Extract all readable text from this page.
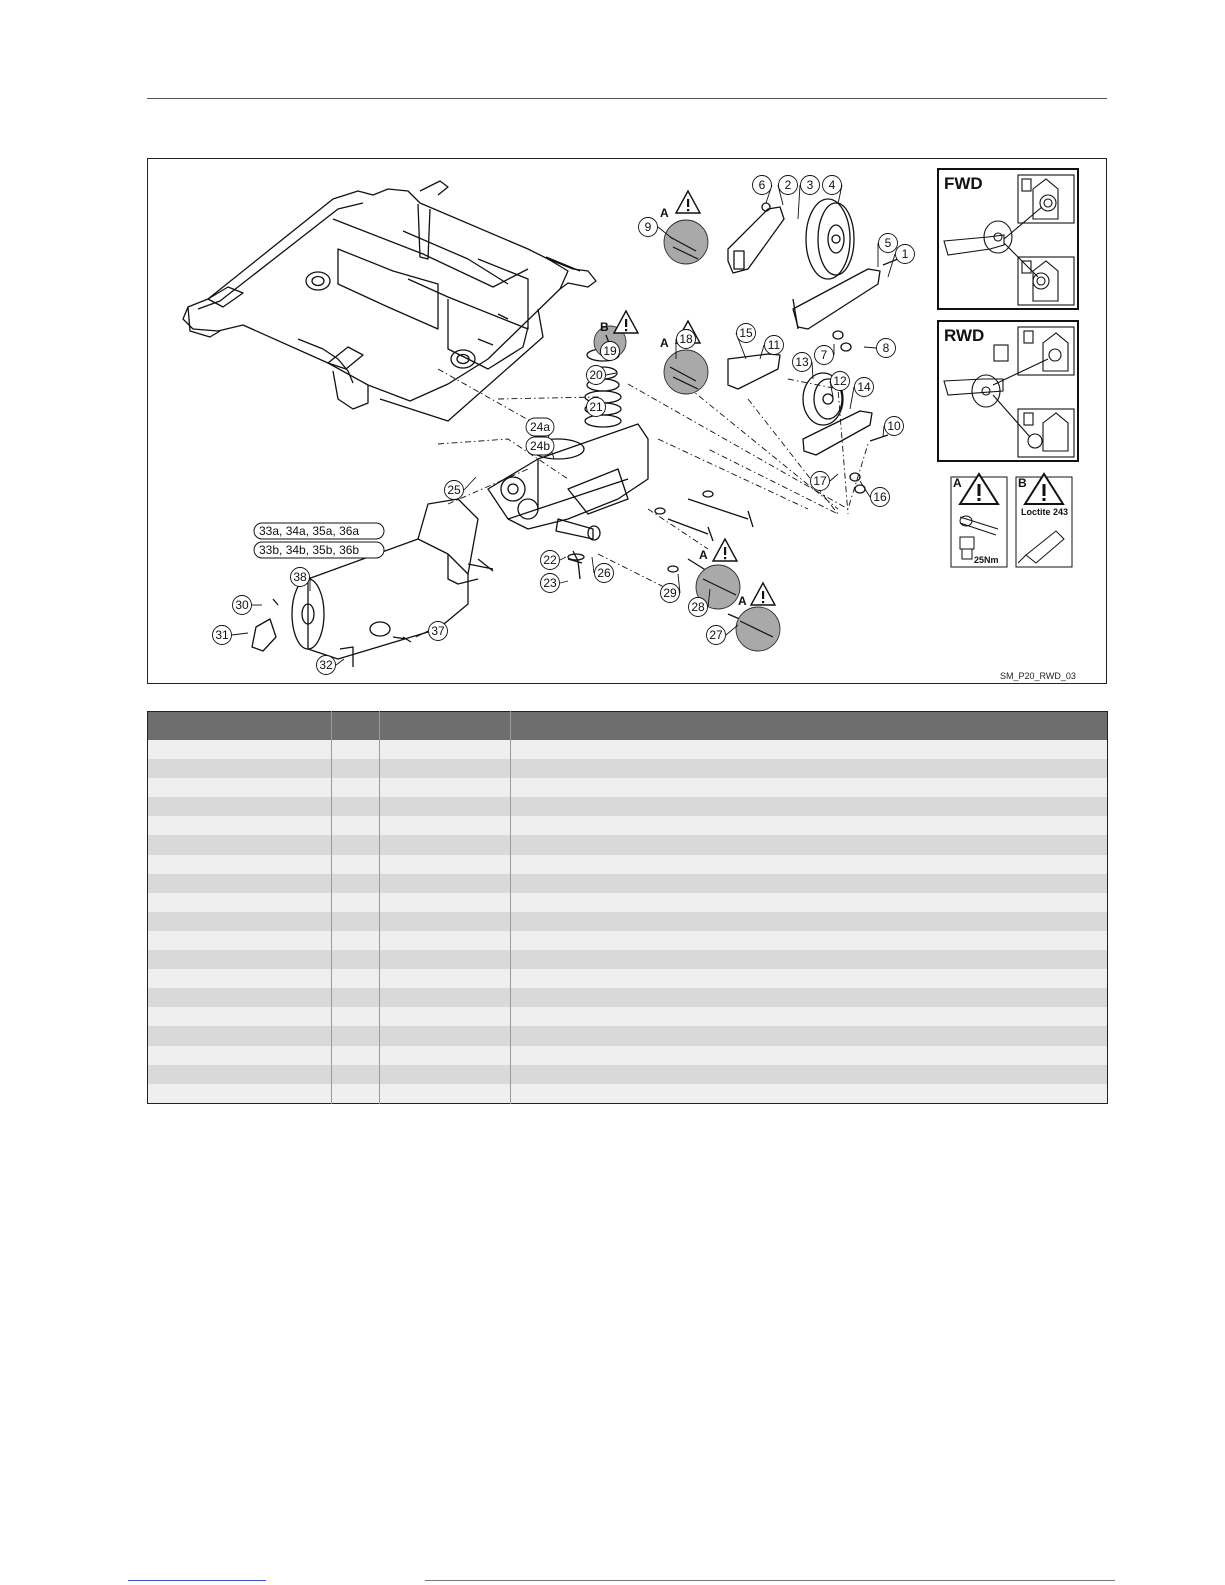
A
A
B
A
A
1
2 3 4
5
6
7	8
9
10
11
12
13
14
15
16
17
18
19
20
21
22
23
24a
24b
25
26
27
28
29
30
31
32
37
38
33a, 34a, 35a, 36a
33b, 34b, 35b, 36b
FWD
RWD
A	B
25Nm
Loctite 243
SM_P20_RWD_03
